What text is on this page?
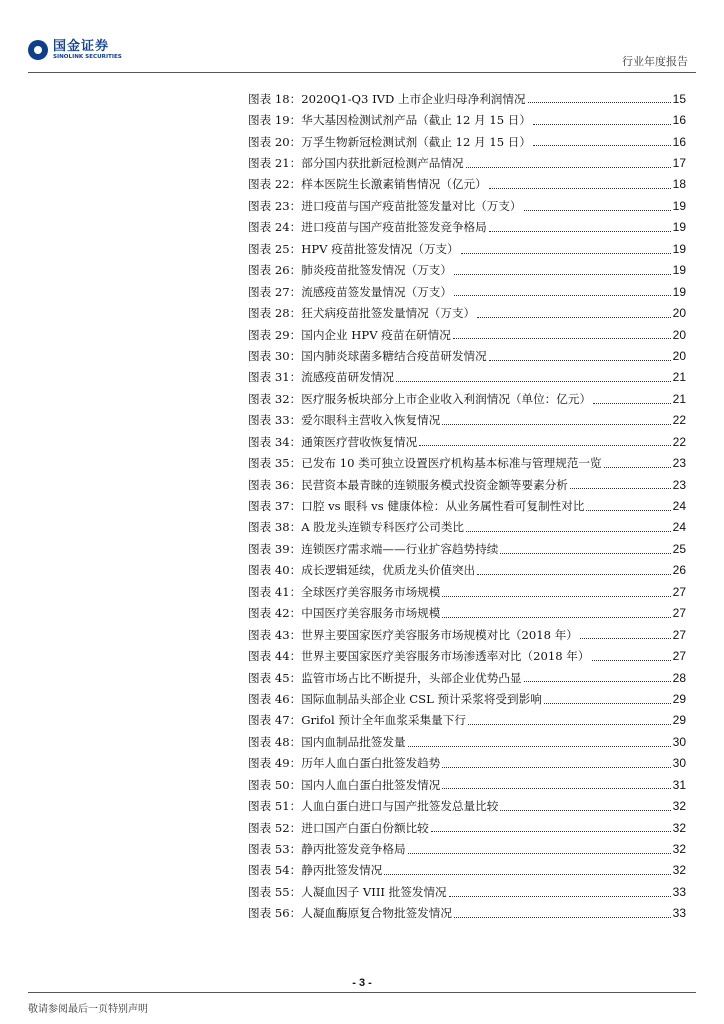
国金证券
SINOLINK SECURITIES	行业年度报告
图表 18： 2020Q1-Q3 IVD 上市企业归母净利润情况	15
图表 19： 华大基因检测试剂产品（截止 12 月 15 日）	16
图表 20： 万孚生物新冠检测试剂（截止 12 月 15 日）	16
图表 21： 部分国内获批新冠检测产品情况	17
图表 22： 样本医院生长激素销售情况（亿元）	18
图表 23： 进口疫苗与国产疫苗批签发量对比（万支）	19
图表 24： 进口疫苗与国产疫苗批签发竞争格局	19
图表 25： HPV 疫苗批签发情况（万支）	19
图表 26： 肺炎疫苗批签发情况（万支）	19
图表 27： 流感疫苗签发量情况（万支）	19
图表 28： 狂犬病疫苗批签发量情况（万支）	20
图表 29： 国内企业 HPV 疫苗在研情况	20
图表 30： 国内肺炎球菌多糖结合疫苗研发情况	20
图表 31： 流感疫苗研发情况	21
图表 32： 医疗服务板块部分上市企业收入利润情况（单位：亿元）	21
图表 33： 爱尔眼科主营收入恢复情况	22
图表 34： 通策医疗营收恢复情况	22
图表 35： 已发布 10 类可独立设置医疗机构基本标准与管理规范一览	23
图表 36： 民营资本最青睐的连锁服务模式投资金额等要素分析	23
图表 37： 口腔 vs 眼科 vs 健康体检：从业务属性看可复制性对比	24
图表 38： A 股龙头连锁专科医疗公司类比	24
图表 39： 连锁医疗需求端——行业扩容趋势持续	25
图表 40： 成长逻辑延续，优质龙头价值突出	26
图表 41： 全球医疗美容服务市场规模	27
图表 42： 中国医疗美容服务市场规模	27
图表 43： 世界主要国家医疗美容服务市场规模对比（2018 年）	27
图表 44： 世界主要国家医疗美容服务市场渗透率对比（2018 年）	27
图表 45： 监管市场占比不断提升，头部企业优势凸显	28
图表 46： 国际血制品头部企业 CSL 预计采浆将受到影响	29
图表 47： Grifol 预计全年血浆采集量下行	29
图表 48： 国内血制品批签发量	30
图表 49： 历年人血白蛋白批签发趋势	30
图表 50： 国内人血白蛋白批签发情况	31
图表 51： 人血白蛋白进口与国产批签发总量比较	32
图表 52： 进口国产白蛋白份额比较	32
图表 53： 静丙批签发竞争格局	32
图表 54： 静丙批签发情况	32
图表 55： 人凝血因子 VIII 批签发情况	33
图表 56： 人凝血酶原复合物批签发情况	33
- 3 -
敬请参阅最后一页特别声明
